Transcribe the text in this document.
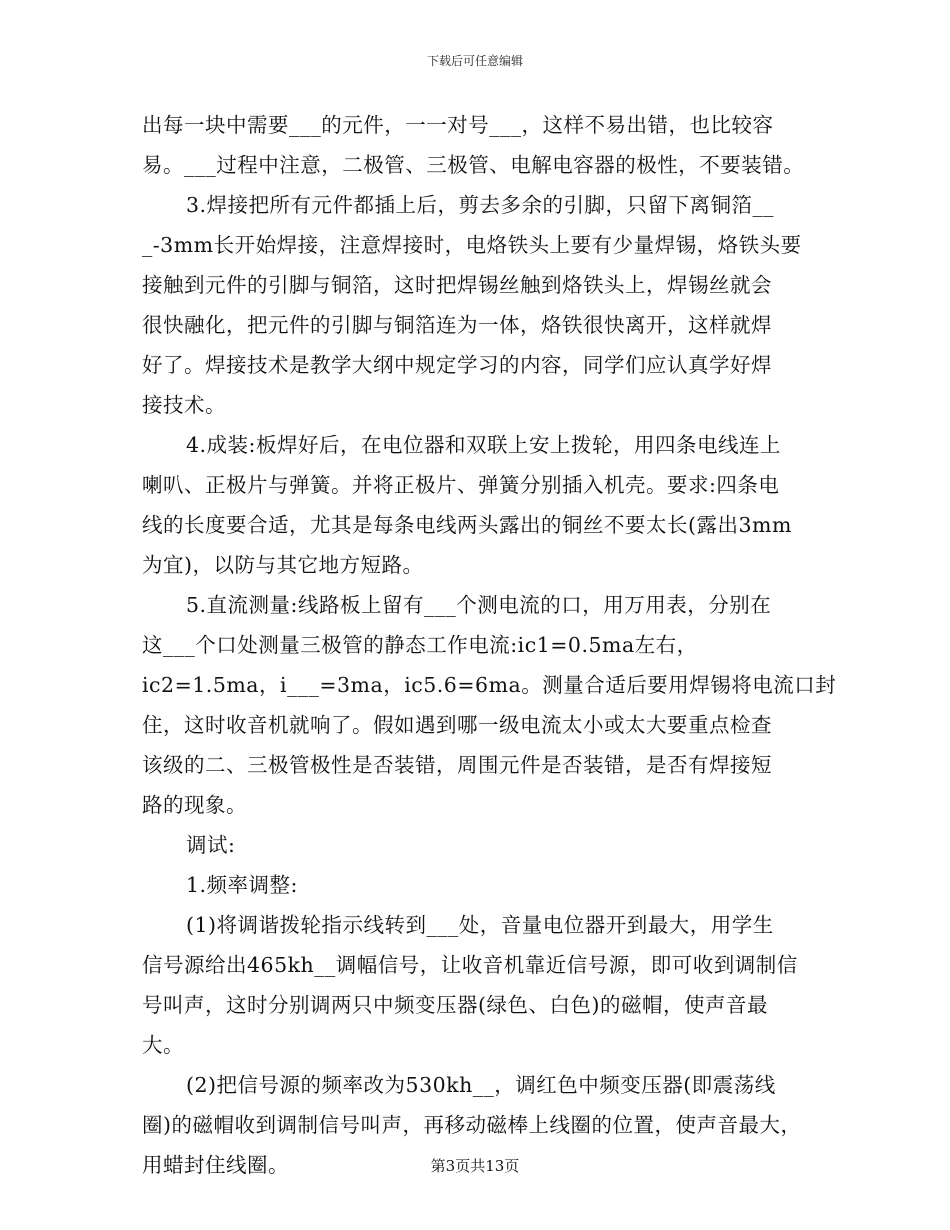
下载后可任意编辑
出每一块中需要___的元件，一一对号___，这样不易出错，也比较容
易。___过程中注意，二极管、三极管、电解电容器的极性，不要装错。
3.焊接把所有元件都插上后，剪去多余的引脚，只留下离铜箔__
_-3mm长开始焊接，注意焊接时，电烙铁头上要有少量焊锡，烙铁头要
接触到元件的引脚与铜箔，这时把焊锡丝触到烙铁头上，焊锡丝就会
很快融化，把元件的引脚与铜箔连为一体，烙铁很快离开，这样就焊
好了。焊接技术是教学大纲中规定学习的内容，同学们应认真学好焊
接技术。
4.成装:板焊好后，在电位器和双联上安上拨轮，用四条电线连上
喇叭、正极片与弹簧。并将正极片、弹簧分别插入机壳。要求:四条电
线的长度要合适，尤其是每条电线两头露出的铜丝不要太长(露出3mm
为宜)，以防与其它地方短路。
5.直流测量:线路板上留有___个测电流的口，用万用表，分别在
这___个口处测量三极管的静态工作电流:ic1=0.5ma左右，
ic2=1.5ma，i___=3ma，ic5.6=6ma。测量合适后要用焊锡将电流口封
住，这时收音机就响了。假如遇到哪一级电流太小或太大要重点检查
该级的二、三极管极性是否装错，周围元件是否装错，是否有焊接短
路的现象。
调试:
1.频率调整:
(1)将调谐拨轮指示线转到___处，音量电位器开到最大，用学生
信号源给出465kh__调幅信号，让收音机靠近信号源，即可收到调制信
号叫声，这时分别调两只中频变压器(绿色、白色)的磁帽，使声音最
大。
(2)把信号源的频率改为530kh__，调红色中频变压器(即震荡线
圈)的磁帽收到调制信号叫声，再移动磁棒上线圈的位置，使声音最大，
用蜡封住线圈。	第3页共13页
